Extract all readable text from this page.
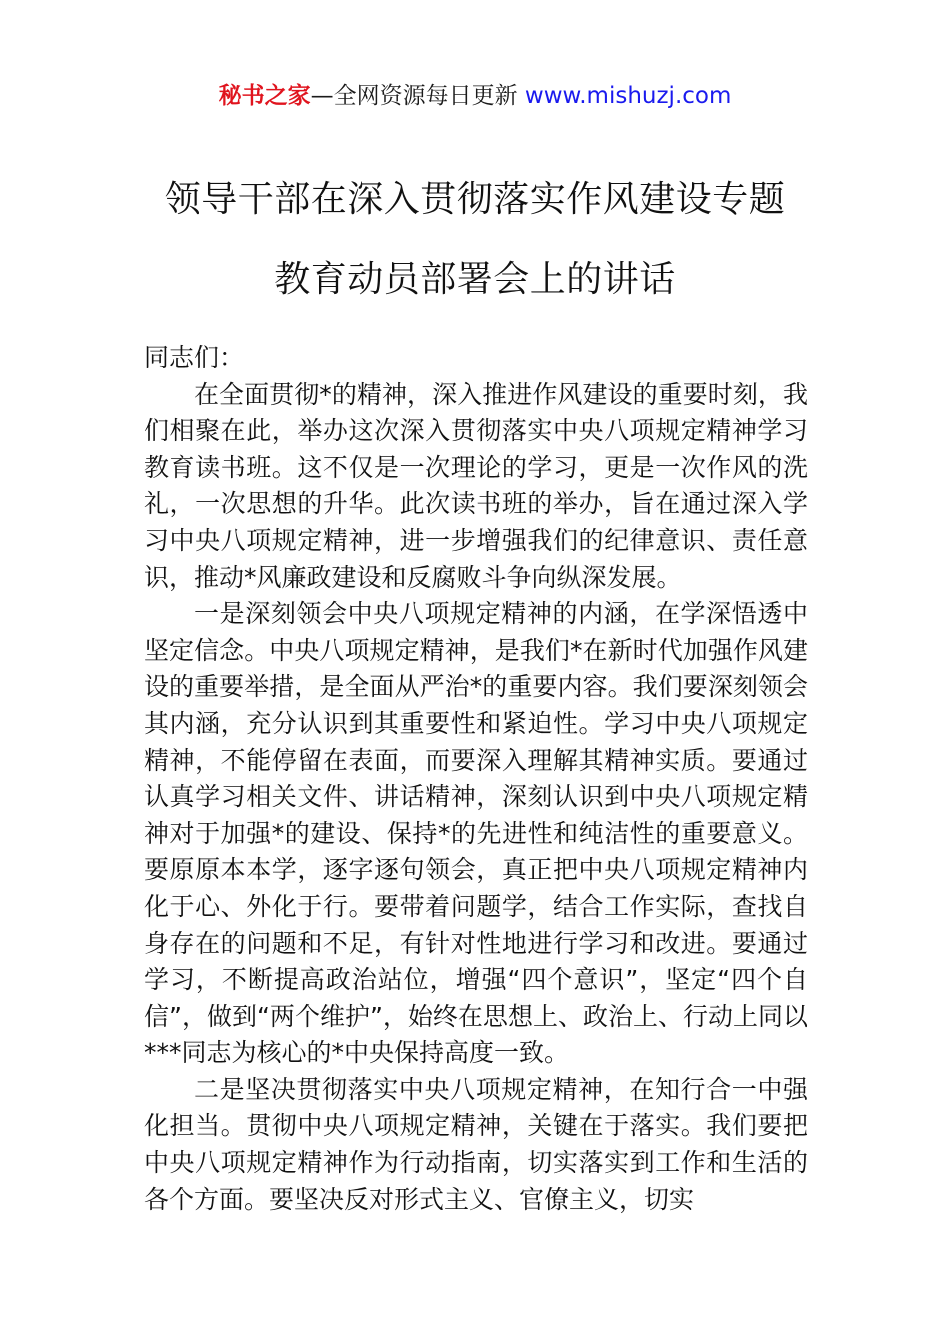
秘书之家—全网资源每日更新 www.mishuzj.com
领导干部在深入贯彻落实作风建设专题
教育动员部署会上的讲话

同志们：

在全面贯彻*的精神，深入推进作风建设的重要时刻，我们相聚在此，举办这次深入贯彻落实中央八项规定精神学习教育读书班。这不仅是一次理论的学习，更是一次作风的洗礼，一次思想的升华。此次读书班的举办，旨在通过深入学习中央八项规定精神，进一步增强我们的纪律意识、责任意识，推动*风廉政建设和反腐败斗争向纵深发展。

一是深刻领会中央八项规定精神的内涵，在学深悟透中坚定信念。中央八项规定精神，是我们*在新时代加强作风建设的重要举措，是全面从严治*的重要内容。我们要深刻领会其内涵，充分认识到其重要性和紧迫性。学习中央八项规定精神，不能停留在表面，而要深入理解其精神实质。要通过认真学习相关文件、讲话精神，深刻认识到中央八项规定精神对于加强*的建设、保持*的先进性和纯洁性的重要意义。要原原本本学，逐字逐句领会，真正把中央八项规定精神内化于心、外化于行。要带着问题学，结合工作实际，查找自身存在的问题和不足，有针对性地进行学习和改进。要通过学习，不断提高政治站位，增强“四个意识”，坚定“四个自信”，做到“两个维护”，始终在思想上、政治上、行动上同以***同志为核心的*中央保持高度一致。

二是坚决贯彻落实中央八项规定精神，在知行合一中强化担当。贯彻中央八项规定精神，关键在于落实。我们要把中央八项规定精神作为行动指南，切实落实到工作和生活的各个方面。要坚决反对形式主义、官僚主义，切实
